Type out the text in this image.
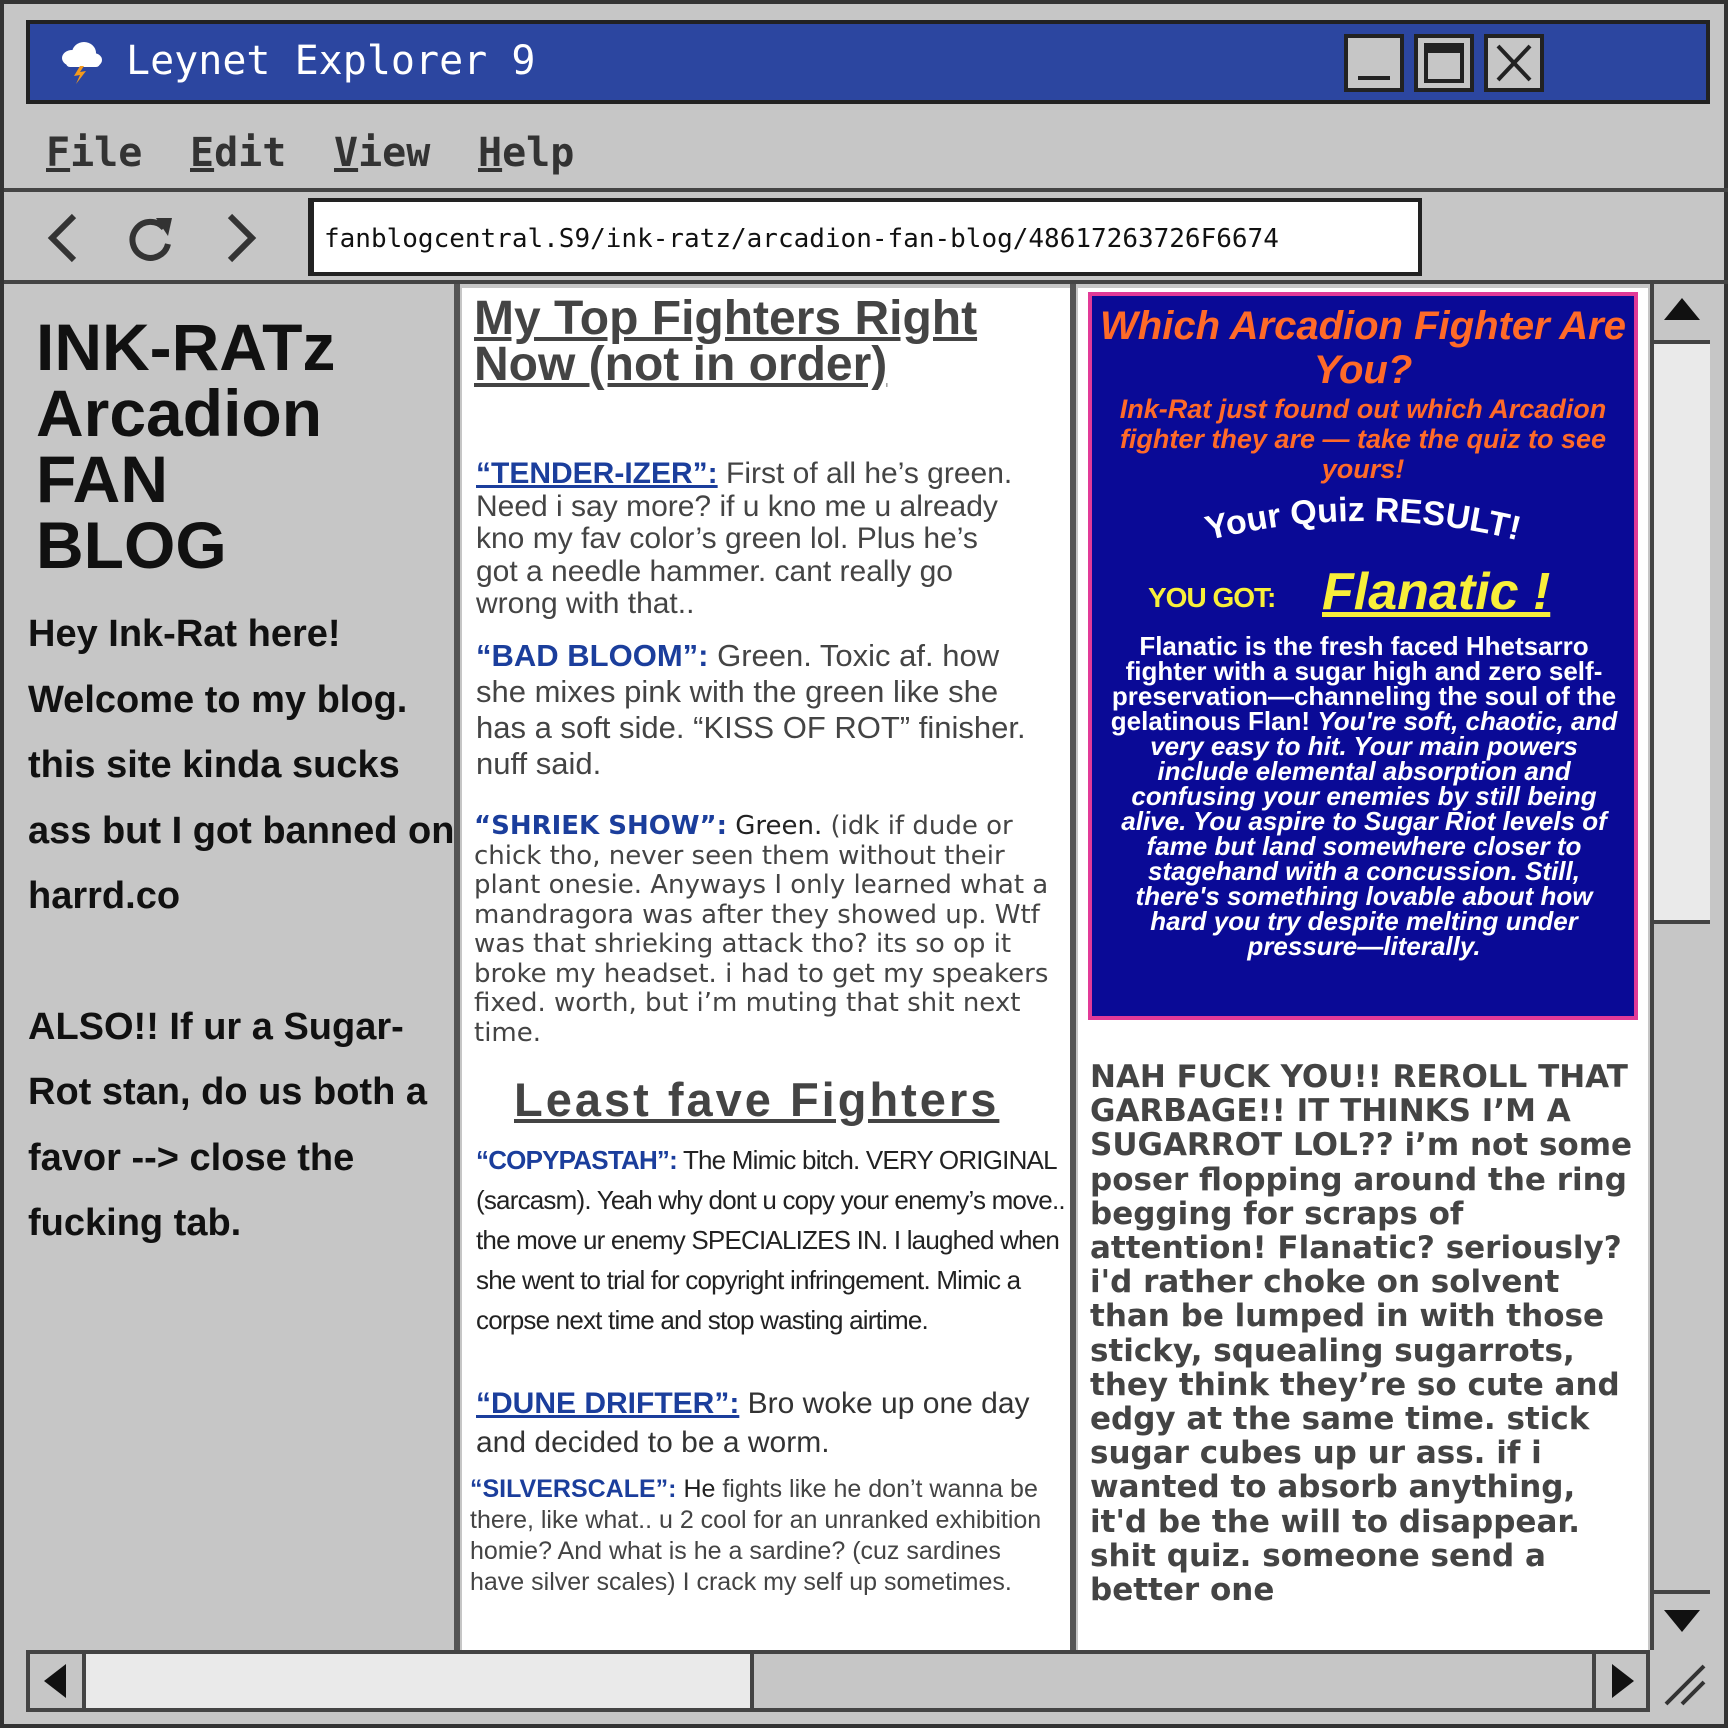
Leynet Explorer 9
File Edit View Help
fanblogcentral.S9/ink-ratz/arcadion-fan-blog/48617263726F6674
INK-RATz
Arcadion FAN
BLOG
Hey Ink-Rat here! Welcome to my blog. this site kinda sucks ass but I got banned on harrd.co
ALSO!! If ur a Sugar-Rot stan, do us both a favor --> close the fucking tab.
My Top Fighters Right Now (not in order)
“TENDER-IZER”: First of all he’s green. Need i say more? if u kno me u already kno my fav color’s green lol. Plus he’s got a needle hammer. cant really go wrong with that..
“BAD BLOOM”: Green. Toxic af. how she mixes pink with the green like she has a soft side. “KISS OF ROT” finisher. nuff said.
“SHRIEK SHOW”: Green. (idk if dude or chick tho, never seen them without their plant onesie. Anyways I only learned what a mandragora was after they showed up. Wtf was that shrieking attack tho? its so op it broke my headset. i had to get my speakers fixed. worth, but i’m muting that shit next time.
Least fave Fighters
“COPYPASTAH”: The Mimic bitch. VERY ORIGINAL (sarcasm). Yeah why dont u copy your enemy’s move.. the move ur enemy SPECIALIZES IN. I laughed when she went to trial for copyright infringement. Mimic a corpse next time and stop wasting airtime.
“DUNE DRIFTER”: Bro woke up one day and decided to be a worm.
“SILVERSCALE”: He fights like he don’t wanna be there, like what.. u 2 cool for an unranked exhibition homie? And what is he a sardine? (cuz sardines have silver scales) I crack my self up sometimes.
Which Arcadion Fighter Are You?
Ink-Rat just found out which Arcadion fighter they are — take the quiz to see yours!
Your Quiz RESULT!
YOU GOT: Flanatic !
Flanatic is the fresh faced Hhetsarro fighter with a sugar high and zero self-preservation—channeling the soul of the gelatinous Flan! You're soft, chaotic, and very easy to hit. Your main powers include elemental absorption and confusing your enemies by still being alive. You aspire to Sugar Riot levels of fame but land somewhere closer to stagehand with a concussion. Still, there's something lovable about how hard you try despite melting under pressure—literally.
NAH FUCK YOU!! REROLL THAT GARBAGE!! IT THINKS I’M A SUGARROT LOL?? i’m not some poser flopping around the ring begging for scraps of attention! Flanatic? seriously? i'd rather choke on solvent than be lumped in with those sticky, squealing sugarrots, they think they’re so cute and edgy at the same time. stick sugar cubes up ur ass. if i wanted to absorb anything, it'd be the will to disappear. shit quiz. someone send a better one
